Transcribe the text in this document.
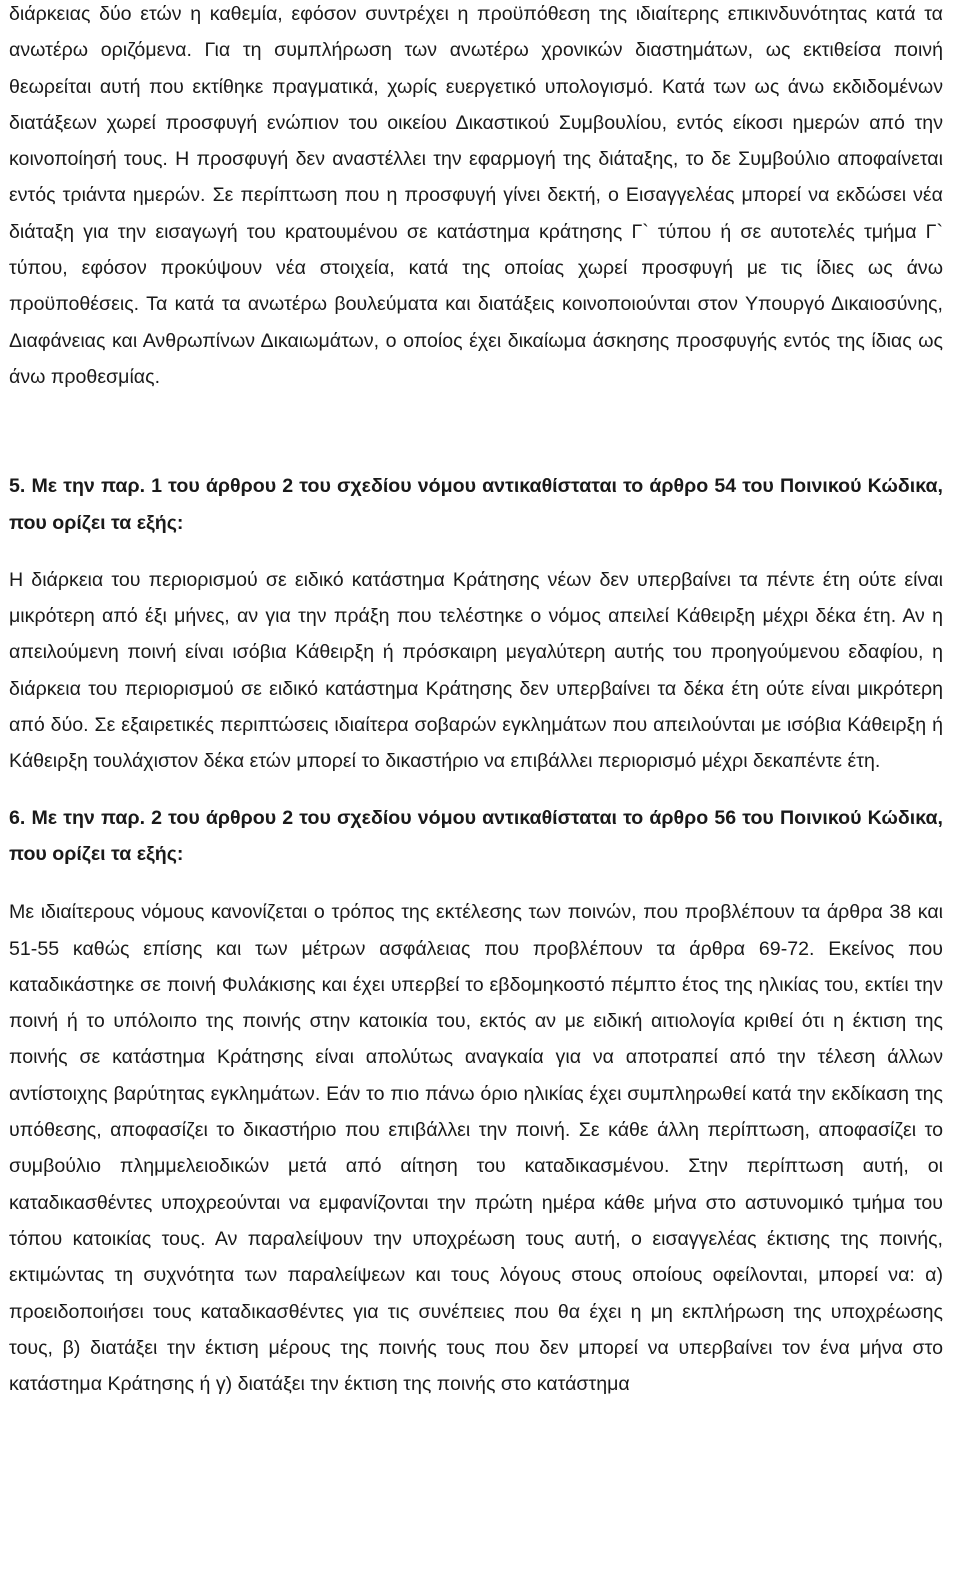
διάρκειας δύο ετών η καθεμία, εφόσον συντρέχει η προϋπόθεση της ιδιαίτερης επικινδυνότητας κατά τα ανωτέρω οριζόμενα. Για τη συμπλήρωση των ανωτέρω χρονικών διαστημάτων, ως εκτιθείσα ποινή θεωρείται αυτή που εκτίθηκε πραγματικά, χωρίς ευεργετικό υπολογισμό. Κατά των ως άνω εκδιδομένων διατάξεων χωρεί προσφυγή ενώπιον του οικείου Δικαστικού Συμβουλίου, εντός είκοσι ημερών από την κοινοποίησή τους. Η προσφυγή δεν αναστέλλει την εφαρμογή της διάταξης, το δε Συμβούλιο αποφαίνεται εντός τριάντα ημερών. Σε περίπτωση που η προσφυγή γίνει δεκτή, ο Εισαγγελέας μπορεί να εκδώσει νέα διάταξη για την εισαγωγή του κρατουμένου σε κατάστημα κράτησης Γ` τύπου ή σε αυτοτελές τμήμα Γ` τύπου, εφόσον προκύψουν νέα στοιχεία, κατά της οποίας χωρεί προσφυγή με τις ίδιες ως άνω προϋποθέσεις. Τα κατά τα ανωτέρω βουλεύματα και διατάξεις κοινοποιούνται στον Υπουργό Δικαιοσύνης, Διαφάνειας και Ανθρωπίνων Δικαιωμάτων, ο οποίος έχει δικαίωμα άσκησης προσφυγής εντός της ίδιας ως άνω προθεσμίας.

5. Με την παρ. 1 του άρθρου 2 του σχεδίου νόμου αντικαθίσταται το άρθρο 54 του Ποινικού Κώδικα, που ορίζει τα εξής:

Η διάρκεια του περιορισμού σε ειδικό κατάστημα Κράτησης νέων δεν υπερβαίνει τα πέντε έτη ούτε είναι μικρότερη από έξι μήνες, αν για την πράξη που τελέστηκε ο νόμος απειλεί Κάθειρξη μέχρι δέκα έτη. Αν η απειλούμενη ποινή είναι ισόβια Κάθειρξη ή πρόσκαιρη μεγαλύτερη αυτής του προηγούμενου εδαφίου, η διάρκεια του περιορισμού σε ειδικό κατάστημα Κράτησης δεν υπερβαίνει τα δέκα έτη ούτε είναι μικρότερη από δύο. Σε εξαιρετικές περιπτώσεις ιδιαίτερα σοβαρών εγκλημάτων που απειλούνται με ισόβια Κάθειρξη ή Κάθειρξη τουλάχιστον δέκα ετών μπορεί το δικαστήριο να επιβάλλει περιορισμό μέχρι δεκαπέντε έτη.

6. Με την παρ. 2 του άρθρου 2 του σχεδίου νόμου αντικαθίσταται το άρθρο 56 του Ποινικού Κώδικα, που ορίζει τα εξής:

Με ιδιαίτερους νόμους κανονίζεται ο τρόπος της εκτέλεσης των ποινών, που προβλέπουν τα άρθρα 38 και 51-55 καθώς επίσης και των μέτρων ασφάλειας που προβλέπουν τα άρθρα 69-72. Εκείνος που καταδικάστηκε σε ποινή Φυλάκισης και έχει υπερβεί το εβδομηκοστό πέμπτο έτος της ηλικίας του, εκτίει την ποινή ή το υπόλοιπο της ποινής στην κατοικία του, εκτός αν με ειδική αιτιολογία κριθεί ότι η έκτιση της ποινής σε κατάστημα Κράτησης είναι απολύτως αναγκαία για να αποτραπεί από την τέλεση άλλων αντίστοιχης βαρύτητας εγκλημάτων. Εάν το πιο πάνω όριο ηλικίας έχει συμπληρωθεί κατά την εκδίκαση της υπόθεσης, αποφασίζει το δικαστήριο που επιβάλλει την ποινή. Σε κάθε άλλη περίπτωση, αποφασίζει το συμβούλιο πλημμελειοδικών μετά από αίτηση του καταδικασμένου. Στην περίπτωση αυτή, οι καταδικασθέντες υποχρεούνται να εμφανίζονται την πρώτη ημέρα κάθε μήνα στο αστυνομικό τμήμα του τόπου κατοικίας τους. Αν παραλείψουν την υποχρέωση τους αυτή, ο εισαγγελέας έκτισης της ποινής, εκτιμώντας τη συχνότητα των παραλείψεων και τους λόγους στους οποίους οφείλονται, μπορεί να: α) προειδοποιήσει τους καταδικασθέντες για τις συνέπειες που θα έχει η μη εκπλήρωση της υποχρέωσης τους, β) διατάξει την έκτιση μέρους της ποινής τους που δεν μπορεί να υπερβαίνει τον ένα μήνα στο κατάστημα Κράτησης ή γ) διατάξει την έκτιση της ποινής στο κατάστημα
